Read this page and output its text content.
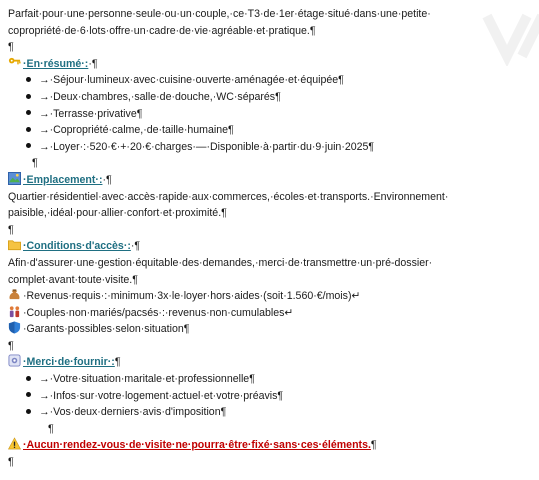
Parfait·pour·une·personne·seule·ou·un·couple,·ce·T3·de·1er·étage·situé·dans·une·petite·
copropriété·de·6·lots·offre·un·cadre·de·vie·agréable·et·pratique.¶
¶
·En·résumé·:·¶
→·Séjour·lumineux·avec·cuisine·ouverte·aménagée·et·équipée¶
→·Deux·chambres,·salle·de·douche,·WC·séparés¶
→·Terrasse·privative¶
→·Copropriété·calme,·de·taille·humaine¶
→·Loyer·:·520·€·+·20·€·charges·—·Disponible·à·partir·du·9·juin·2025¶
¶
·Emplacement·:·¶
Quartier·résidentiel·avec·accès·rapide·aux·commerces,·écoles·et·transports.·Environnement·
paisible,·idéal·pour·allier·confort·et·proximité.¶
¶
·Conditions·d'accès·:·¶
Afin·d'assurer·une·gestion·équitable·des·demandes,·merci·de·transmettre·un·pré-dossier·
complet·avant·toute·visite.¶
·Revenus·requis·:·minimum·3x·le·loyer·hors·aides·(soit·1.560·€/mois)↵
·Couples·non·mariés/pacsés·:·revenus·non·cumulables↵
·Garants·possibles·selon·situation¶
¶
·Merci·de·fournir·:¶
→·Votre·situation·maritale·et·professionnelle¶
→·Infos·sur·votre·logement·actuel·et·votre·préavis¶
→·Vos·deux·derniers·avis·d'imposition¶
¶
·Aucun·rendez-vous·de·visite·ne·pourra·être·fixé·sans·ces·éléments.¶
¶
